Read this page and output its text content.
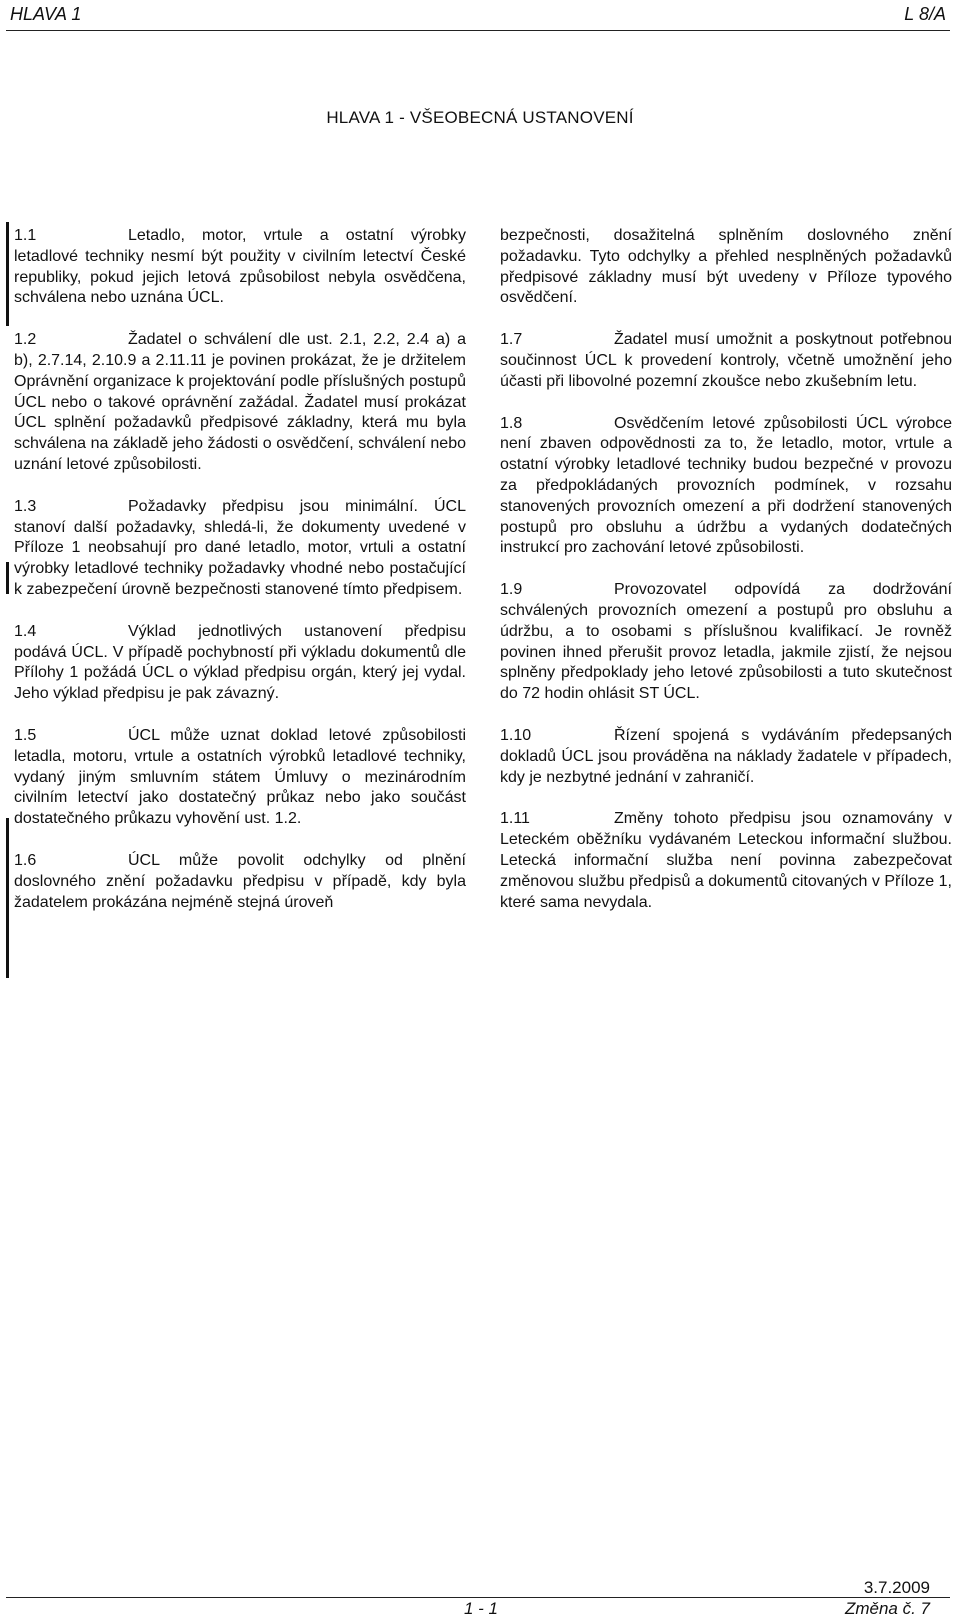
HLAVA 1	L 8/A
HLAVA 1 - VŠEOBECNÁ USTANOVENÍ

1.1	Letadlo, motor, vrtule a ostatní výrobky letadlové techniky nesmí být použity v civilním letectví České republiky, pokud jejich letová způsobilost nebyla osvědčena, schválena nebo uznána ÚCL.

1.2	Žadatel o schválení dle ust. 2.1, 2.2, 2.4 a) a b), 2.7.14, 2.10.9 a 2.11.11 je povinen prokázat, že je držitelem Oprávnění organizace k projektování podle příslušných postupů ÚCL nebo o takové oprávnění zažádal. Žadatel musí prokázat ÚCL splnění požadavků předpisové základny, která mu byla schválena na základě jeho žádosti o osvědčení, schválení nebo uznání letové způsobilosti.

1.3	Požadavky předpisu jsou minimální. ÚCL stanoví další požadavky, shledá-li, že dokumenty uvedené v Příloze 1 neobsahují pro dané letadlo, motor, vrtuli a ostatní výrobky letadlové techniky požadavky vhodné nebo postačující k zabezpečení úrovně bezpečnosti stanovené tímto předpisem.

1.4	Výklad jednotlivých ustanovení předpisu podává ÚCL. V případě pochybností při výkladu dokumentů dle Přílohy 1 požádá ÚCL o výklad předpisu orgán, který jej vydal. Jeho výklad předpisu je pak závazný.

1.5	ÚCL může uznat doklad letové způsobilosti letadla, motoru, vrtule a ostatních výrobků letadlové techniky, vydaný jiným smluvním státem Úmluvy o mezinárodním civilním letectví jako dostatečný průkaz nebo jako součást dostatečného průkazu vyhovění ust. 1.2.

1.6	ÚCL může povolit odchylky od plnění doslovného znění požadavku předpisu v případě, kdy byla žadatelem prokázána nejméně stejná úroveň

bezpečnosti, dosažitelná splněním doslovného znění požadavku. Tyto odchylky a přehled nesplněných požadavků předpisové základny musí být uvedeny v Příloze typového osvědčení.

1.7	Žadatel musí umožnit a poskytnout potřebnou součinnost ÚCL k provedení kontroly, včetně umožnění jeho účasti při libovolné pozemní zkoušce nebo zkušebním letu.

1.8	Osvědčením letové způsobilosti ÚCL výrobce není zbaven odpovědnosti za to, že letadlo, motor, vrtule a ostatní výrobky letadlové techniky budou bezpečné v provozu za předpokládaných provozních podmínek, v rozsahu stanovených provozních omezení a při dodržení stanovených postupů pro obsluhu a údržbu a vydaných dodatečných instrukcí pro zachování letové způsobilosti.

1.9	Provozovatel odpovídá za dodržování schválených provozních omezení a postupů pro obsluhu a údržbu, a to osobami s příslušnou kvalifikací. Je rovněž povinen ihned přerušit provoz letadla, jakmile zjistí, že nejsou splněny předpoklady jeho letové způsobilosti a tuto skutečnost do 72 hodin ohlásit ST ÚCL.

1.10	Řízení spojená s vydáváním předepsaných dokladů ÚCL jsou prováděna na náklady žadatele v případech, kdy je nezbytné jednání v zahraničí.

1.11	Změny tohoto předpisu jsou oznamovány v Leteckém oběžníku vydávaném Leteckou informační službou. Letecká informační služba není povinna zabezpečovat změnovou službu předpisů a dokumentů citovaných v Příloze 1, které sama nevydala.

3.7.2009
1 - 1	Změna č. 7
